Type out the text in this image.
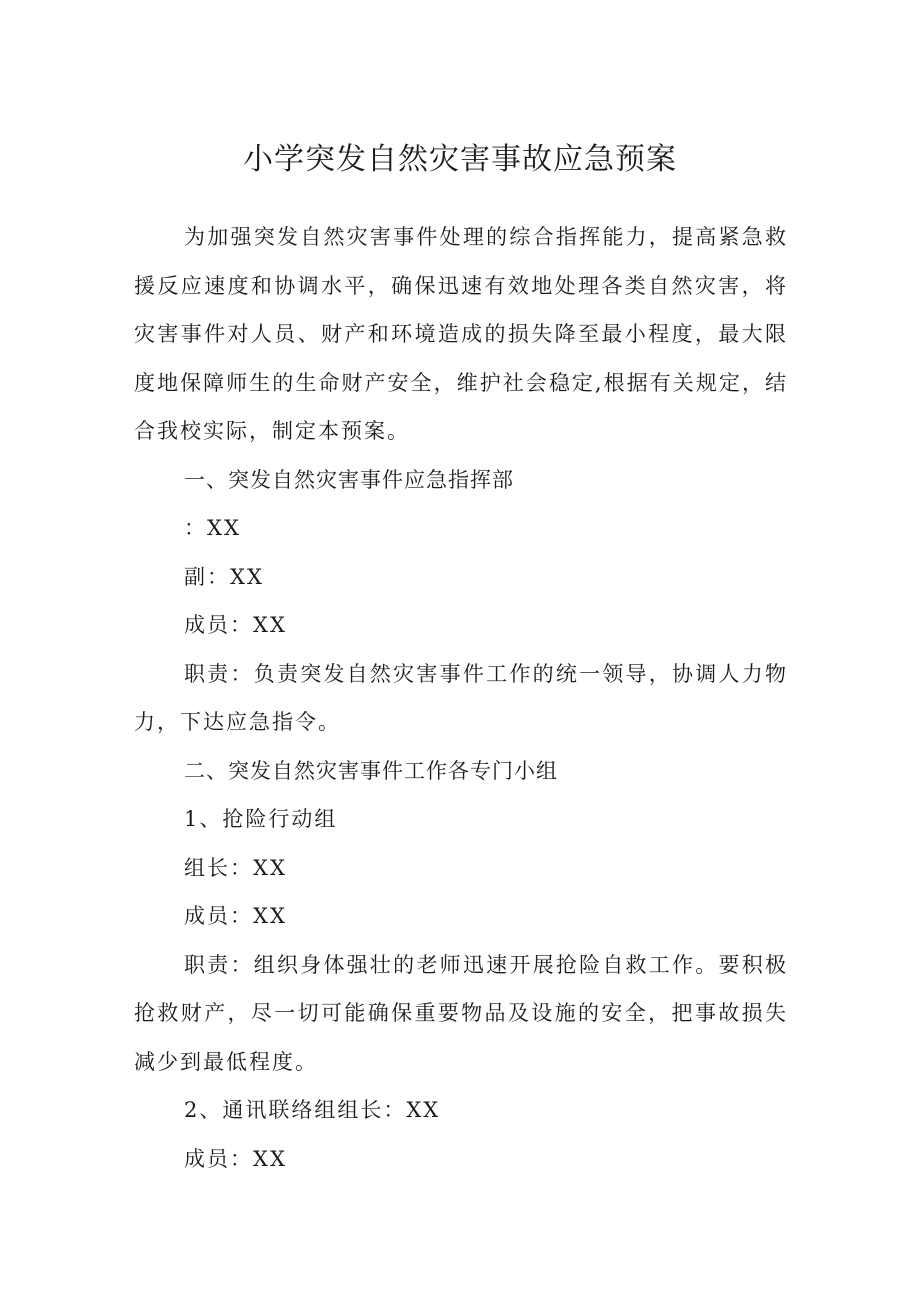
小学突发自然灾害事故应急预案

为加强突发自然灾害事件处理的综合指挥能力，提高紧急救援反应速度和协调水平，确保迅速有效地处理各类自然灾害，将灾害事件对人员、财产和环境造成的损失降至最小程度，最大限度地保障师生的生命财产安全，维护社会稳定,根据有关规定，结合我校实际，制定本预案。

一、突发自然灾害事件应急指挥部

：XX

副：XX

成员：XX

职责：负责突发自然灾害事件工作的统一领导，协调人力物力，下达应急指令。

二、突发自然灾害事件工作各专门小组

1、抢险行动组

组长：XX

成员：XX

职责：组织身体强壮的老师迅速开展抢险自救工作。要积极抢救财产，尽一切可能确保重要物品及设施的安全，把事故损失减少到最低程度。

2、通讯联络组组长：XX

成员：XX
